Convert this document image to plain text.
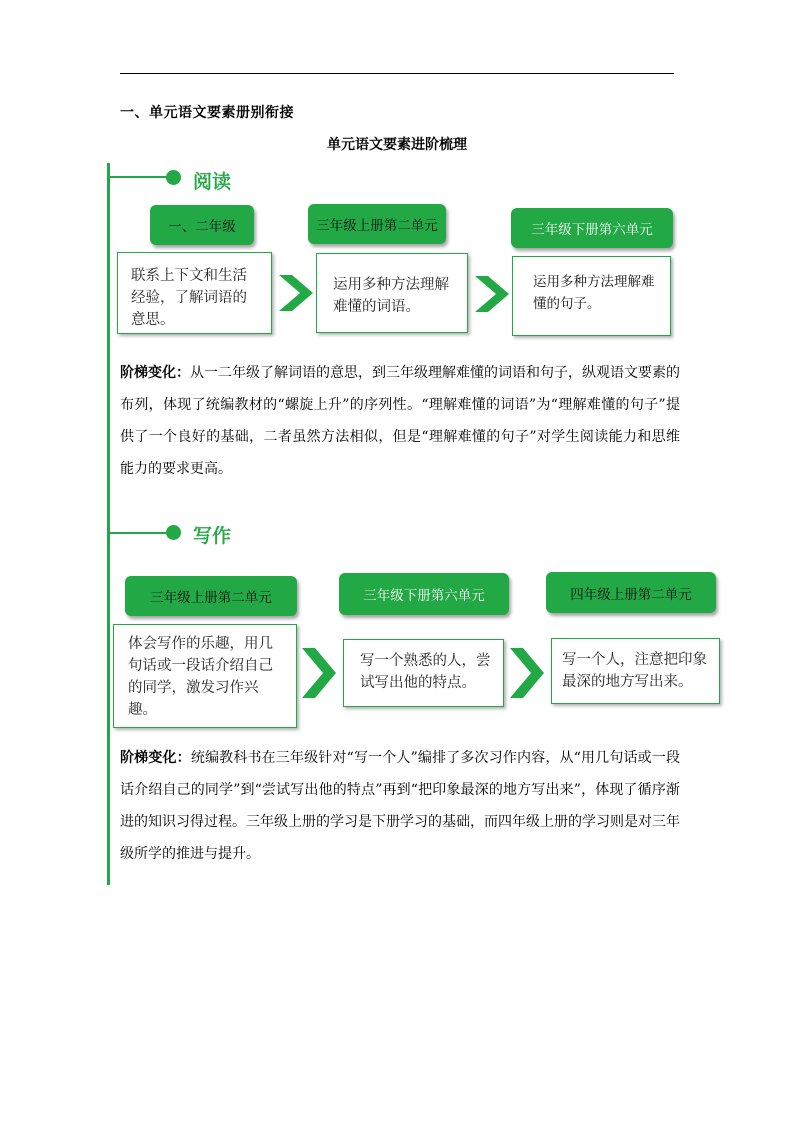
一、单元语文要素册别衔接
单元语文要素进阶梳理
阅读
一、二年级	三年级上册第二单元	三年级下册第六单元
联系上下文和生活经验，了解词语的意思。
运用多种方法理解难懂的词语。
运用多种方法理解难懂的句子。

阶梯变化：从一二年级了解词语的意思，到三年级理解难懂的词语和句子，纵观语文要素的布列，体现了统编教材的“螺旋上升”的序列性。“理解难懂的词语”为“理解难懂的句子”提供了一个良好的基础，二者虽然方法相似，但是“理解难懂的句子”对学生阅读能力和思维能力的要求更高。

写作
三年级上册第二单元	三年级下册第六单元	四年级上册第二单元
体会写作的乐趣，用几句话或一段话介绍自己的同学，激发习作兴趣。
写一个熟悉的人，尝试写出他的特点。
写一个人，注意把印象最深的地方写出来。

阶梯变化：统编教科书在三年级针对“写一个人”编排了多次习作内容，从“用几句话或一段话介绍自己的同学”到“尝试写出他的特点”再到“把印象最深的地方写出来”，体现了循序渐进的知识习得过程。三年级上册的学习是下册学习的基础，而四年级上册的学习则是对三年级所学的推进与提升。
